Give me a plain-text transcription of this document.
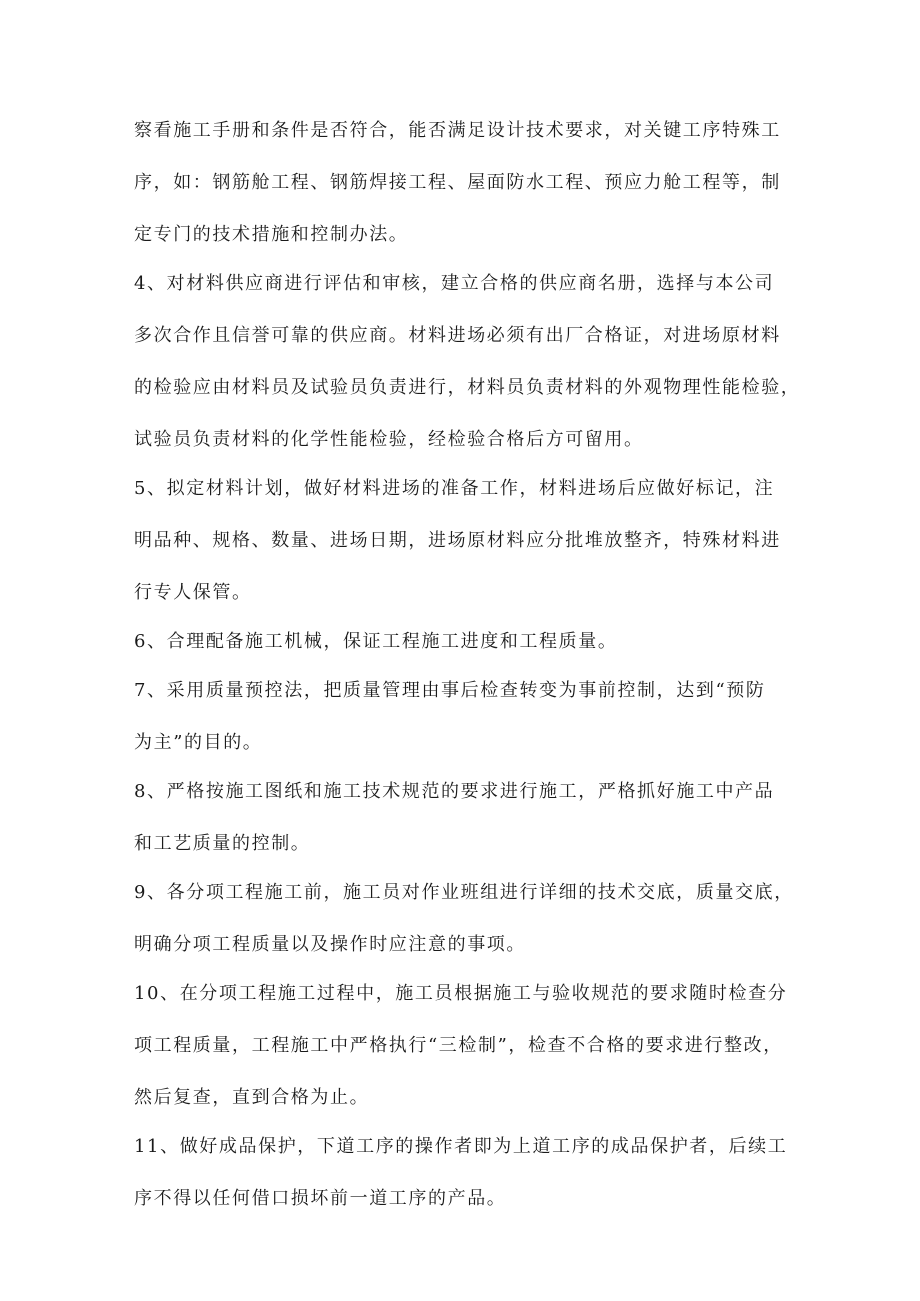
察看施工手册和条件是否符合，能否满足设计技术要求，对关键工序特殊工
序，如：钢筋舱工程、钢筋焊接工程、屋面防水工程、预应力舱工程等，制
定专门的技术措施和控制办法。
4、对材料供应商进行评估和审核，建立合格的供应商名册，选择与本公司
多次合作且信誉可靠的供应商。材料进场必须有出厂合格证，对进场原材料
的检验应由材料员及试验员负责进行，材料员负责材料的外观物理性能检验，
试验员负责材料的化学性能检验，经检验合格后方可留用。
5、拟定材料计划，做好材料进场的准备工作，材料进场后应做好标记，注
明品种、规格、数量、进场日期，进场原材料应分批堆放整齐，特殊材料进
行专人保管。
6、合理配备施工机械，保证工程施工进度和工程质量。
7、采用质量预控法，把质量管理由事后检查转变为事前控制，达到“预防
为主”的目的。
8、严格按施工图纸和施工技术规范的要求进行施工，严格抓好施工中产品
和工艺质量的控制。
9、各分项工程施工前，施工员对作业班组进行详细的技术交底，质量交底，
明确分项工程质量以及操作时应注意的事项。
10、在分项工程施工过程中，施工员根据施工与验收规范的要求随时检查分
项工程质量，工程施工中严格执行“三检制”，检查不合格的要求进行整改，
然后复查，直到合格为止。
11、做好成品保护，下道工序的操作者即为上道工序的成品保护者，后续工
序不得以任何借口损坏前一道工序的产品。
